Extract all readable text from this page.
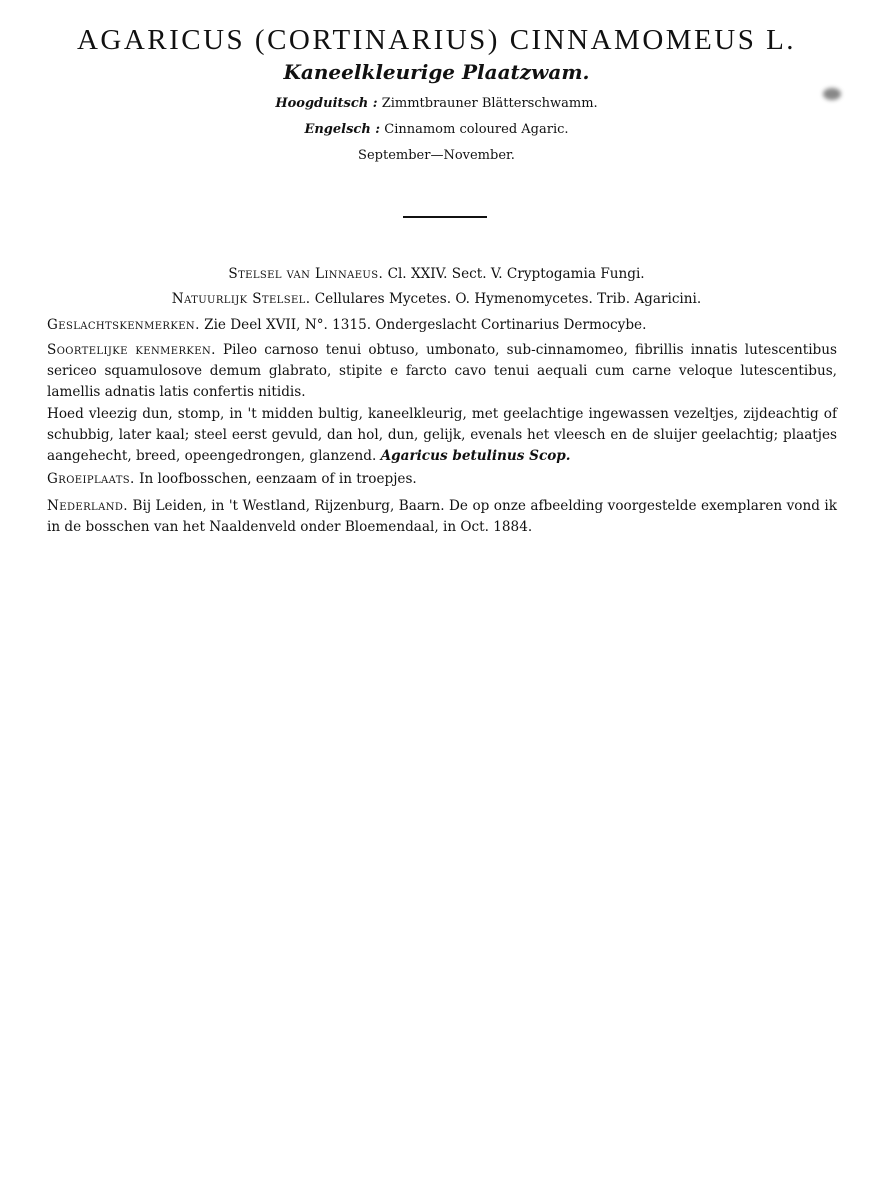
AGARICUS (CORTINARIUS) CINNAMOMEUS L.
Kaneelkleurige Plaatzwam.
Hoogduitsch : Zimmtbrauner Blätterschwamm.
Engelsch : Cinnamom coloured Agaric.
September—November.
Stelsel van Linnaeus. Cl. XXIV. Sect. V. Cryptogamia Fungi.
Natuurlijk Stelsel. Cellulares Mycetes. O. Hymenomycetes. Trib. Agaricini.
Geslachtskenmerken. Zie Deel XVII, N°. 1315. Ondergeslacht Cortinarius Dermocybe.
Soortelijke kenmerken. Pileo carnoso tenui obtuso, umbonato, sub-cinnamomeo, fibrillis innatis lutescentibus sericeo squamulosove demum glabrato, stipite e farcto cavo tenui aequali cum carne veloque lutescentibus, lamellis adnatis latis confertis nitidis.
Hoed vleezig dun, stomp, in 't midden bultig, kaneelkleurig, met geelachtige ingewassen vezeltjes, zijdeachtig of schubbig, later kaal; steel eerst gevuld, dan hol, dun, gelijk, evenals het vleesch en de sluijer geelachtig; plaatjes aangehecht, breed, opeengedrongen, glanzend. Agaricus betulinus Scop.
Groeiplaats. In loofbosschen, eenzaam of in troepjes.
Nederland. Bij Leiden, in 't Westland, Rijzenburg, Baarn. De op onze afbeelding voorgestelde exemplaren vond ik in de bosschen van het Naaldenveld onder Bloemendaal, in Oct. 1884.
